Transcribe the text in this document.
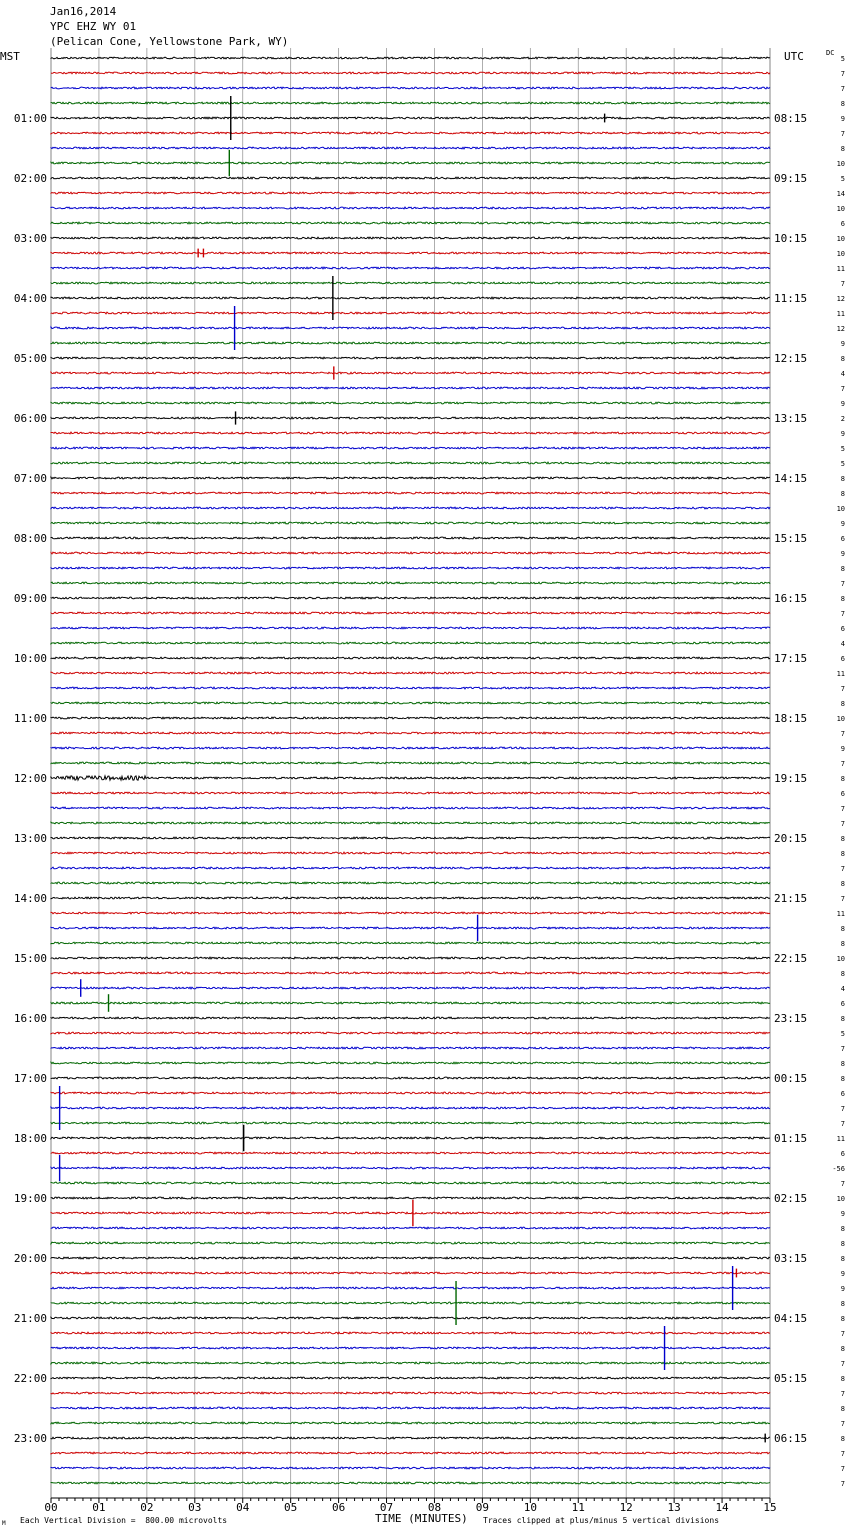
Jan16,2014
YPC EHZ WY 01
(Pelican Cone, Yellowstone Park, WY)
MST	UTC	DC
00	01	02	03	04	05	06	07	08	09	10	11	12	13	14	15
5
7
7
8
9
7
8
10
5
14
10
6
10
10
11
7
12
11
12
9
8
4
7
9
2
9
5
5
8
8
10
9
6
9
8
7
8
7
6
4
6
11
7
8
10
7
9
7
8
6
7
7
8
8
7
8
7
11
8
8
10
8
4
6
8
5
7
8
8
6
7
7
11
6
-56
7
10
9
8
8
8
9
9
8
8
7
8
7
8
7
8
7
8
7
7
7
01:00	08:15
02:00	09:15
03:00	10:15
04:00	11:15
05:00	12:15
06:00	13:15
07:00	14:15
08:00	15:15
09:00	16:15
10:00	17:15
11:00	18:15
12:00	19:15
13:00	20:15
14:00	21:15
15:00	22:15
16:00	23:15
17:00	00:15
18:00	01:15
19:00	02:15
20:00	03:15
21:00	04:15
22:00	05:15
23:00	06:15
TIME (MINUTES)
M Each Vertical Division =  800.00 microvolts	Traces clipped at plus/minus 5 vertical divisions
